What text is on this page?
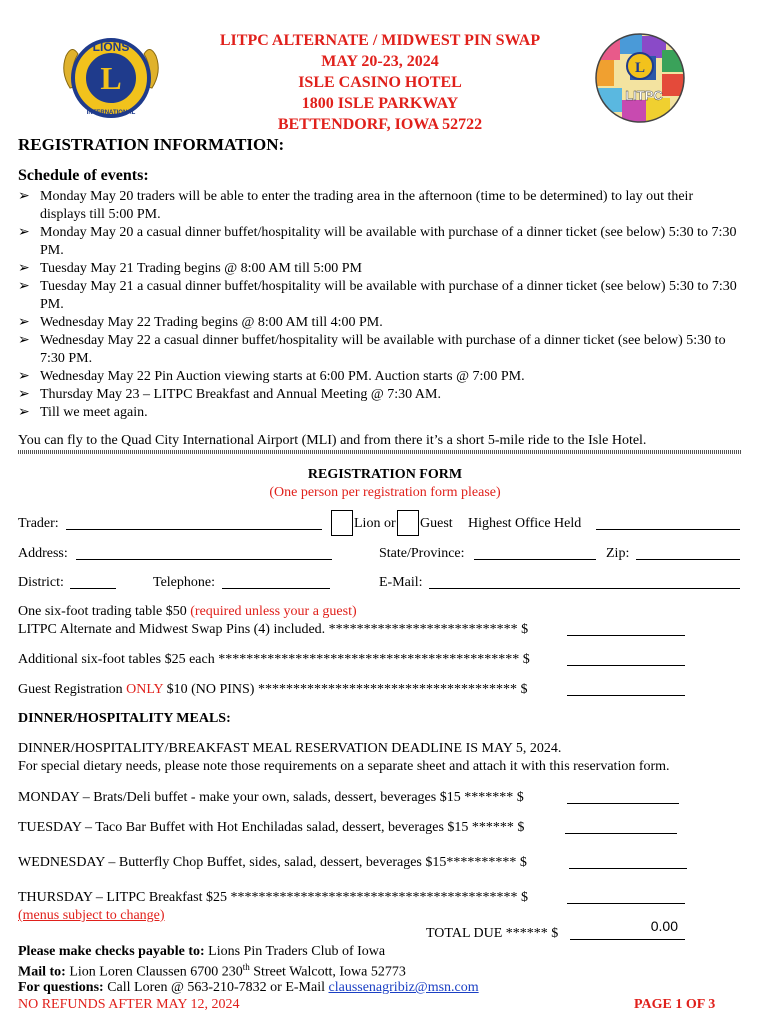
L
LIONS
INTERNATIONAL
L
LITPC
LITPC ALTERNATE / MIDWEST PIN SWAP
MAY 20-23, 2024
ISLE CASINO HOTEL
1800 ISLE PARKWAY
BETTENDORF, IOWA 52722
REGISTRATION INFORMATION:
Schedule of events:
➢ Monday May 20 traders will be able to enter the trading area in the afternoon (time to be determined) to lay out their displays till 5:00 PM.
➢ Monday May 20 a casual dinner buffet/hospitality will be available with purchase of a dinner ticket (see below) 5:30 to 7:30 PM.
➢ Tuesday May 21 Trading begins @ 8:00 AM till 5:00 PM
➢ Tuesday May 21 a casual dinner buffet/hospitality will be available with purchase of a dinner ticket (see below) 5:30 to 7:30 PM.
➢ Wednesday May 22 Trading begins @ 8:00 AM till 4:00 PM.
➢ Wednesday May 22 a casual dinner buffet/hospitality will be available with purchase of a dinner ticket (see below) 5:30 to 7:30 PM.
➢ Wednesday May 22 Pin Auction viewing starts at 6:00 PM. Auction starts @ 7:00 PM.
➢ Thursday May 23 – LITPC Breakfast and Annual Meeting @ 7:30 AM.
➢ Till we meet again.
You can fly to the Quad City International Airport (MLI) and from there it’s a short 5-mile ride to the Isle Hotel.
REGISTRATION FORM
(One person per registration form please)
Trader:	Lion or Guest Highest Office Held
Address:	State/Province:	Zip:
District:	Telephone:	E-Mail:
One six-foot trading table $50 (required unless your a guest)
LITPC Alternate and Midwest Swap Pins (4) included. *************************** $
Additional six-foot tables $25 each ******************************************* $
Guest Registration ONLY $10 (NO PINS) ************************************* $
DINNER/HOSPITALITY MEALS:
DINNER/HOSPITALITY/BREAKFAST MEAL RESERVATION DEADLINE IS MAY 5, 2024.
For special dietary needs, please note those requirements on a separate sheet and attach it with this reservation form.
MONDAY – Brats/Deli buffet - make your own, salads, dessert, beverages $15 ******* $
TUESDAY – Taco Bar Buffet with Hot Enchiladas salad, dessert, beverages $15 ****** $
WEDNESDAY – Butterfly Chop Buffet, sides, salad, dessert, beverages $15********** $
THURSDAY – LITPC Breakfast $25 ***************************************** $
(menus subject to change)
TOTAL DUE ****** $	0.00
Please make checks payable to: Lions Pin Traders Club of Iowa
Mail to: Lion Loren Claussen 6700 230th Street Walcott, Iowa 52773
For questions: Call Loren @ 563-210-7832 or E-Mail claussenagribiz@msn.com
NO REFUNDS AFTER MAY 12, 2024	PAGE 1 OF 3
